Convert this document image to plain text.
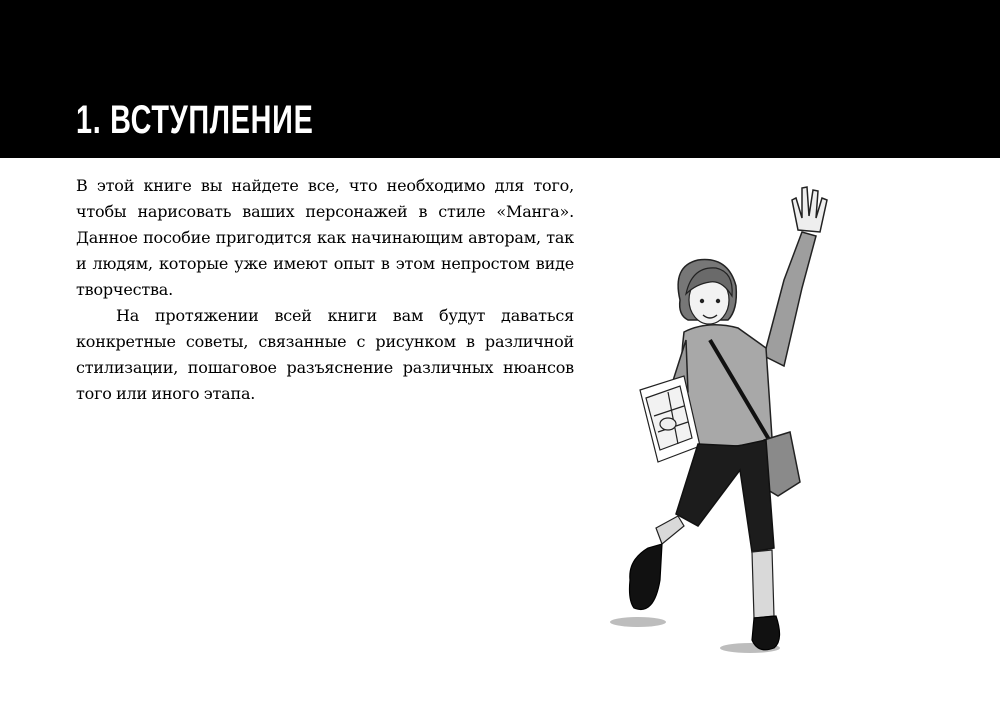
1. ВСТУПЛЕНИЕ

В этой книге вы найдете все, что необходимо для того, чтобы нарисовать ваших персонажей в стиле «Манга». Данное пособие пригодится как начинающим авторам, так и людям, которые уже имеют опыт в этом непростом виде творчества.

На протяжении всей книги вам будут даваться конкретные советы, связанные с рисунком в различной стилизации, пошаговое разъяснение различных нюансов того или иного этапа.
